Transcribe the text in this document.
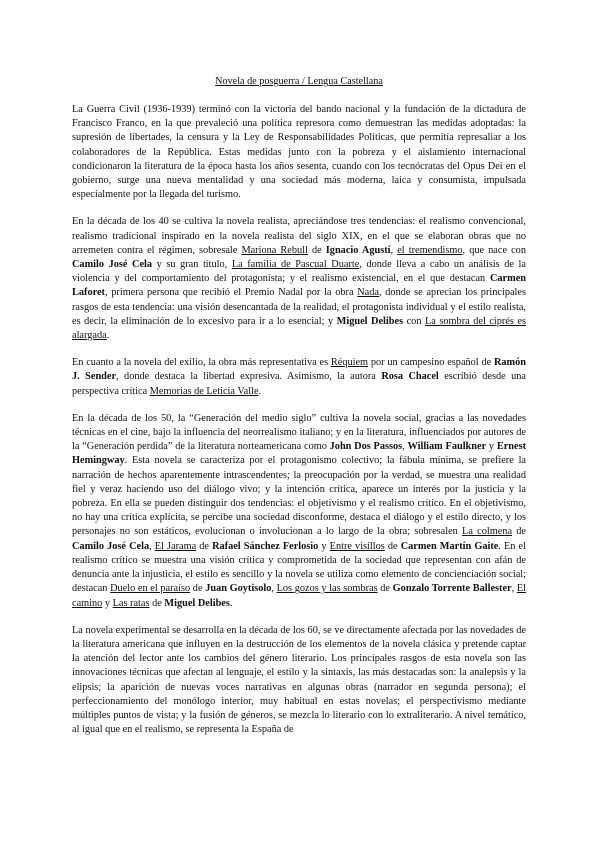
Novela de posguerra / Lengua Castellana

La Guerra Civil (1936-1939) terminó con la victoria del bando nacional y la fundación de la dictadura de Francisco Franco, en la que prevaleció una política represora como demuestran las medidas adoptadas: la supresión de libertades, la censura y la Ley de Responsabilidades Políticas, que permitía represaliar a los colaboradores de la República. Estas medidas junto con la pobreza y el aislamiento internacional condicionaron la literatura de la época hasta los años sesenta, cuando con los tecnócratas del Opus Dei en el gobierno, surge una nueva mentalidad y una sociedad más moderna, laica y consumista, impulsada especialmente por la llegada del turismo.

En la década de los 40 se cultiva la novela realista, apreciándose tres tendencias: el realismo convencional, realismo tradicional inspirado en la novela realista del siglo XIX, en el que se elaboran obras que no arremeten contra el régimen, sobresale Mariona Rebull de Ignacio Agustí, el tremendismo, que nace con Camilo José Cela y su gran título, La familia de Pascual Duarte, donde lleva a cabo un análisis de la violencia y del comportamiento del protagonista; y el realismo existencial, en el que destacan Carmen Laforet, primera persona que recibió el Premio Nadal por la obra Nada, donde se aprecian los principales rasgos de esta tendencia: una visión desencantada de la realidad, el protagonista individual y el estilo realista, es decir, la eliminación de lo excesivo para ir a lo esencial; y Miguel Delibes con La sombra del ciprés es alargada.

En cuanto a la novela del exilio, la obra más representativa es Réquiem por un campesino español de Ramón J. Sender, donde destaca la libertad expresiva. Asimismo, la autora Rosa Chacel escribió desde una perspectiva crítica Memorias de Leticia Valle.

En la década de los 50, la “Generación del medio siglo” cultiva la novela social, gracias a las novedades técnicas en el cine, bajo la influencia del neorrealismo italiano; y en la literatura, influenciados por autores de la “Generación perdida” de la literatura norteamericana como John Dos Passos, William Faulkner y Ernest Hemingway. Esta novela se caracteriza por el protagonismo colectivo; la fábula mínima, se prefiere la narración de hechos aparentemente intrascendentes; la preocupación por la verdad, se muestra una realidad fiel y veraz haciendo uso del diálogo vivo; y la intención crítica, aparece un interés por la justicia y la pobreza. En ella se pueden distinguir dos tendencias: el objetivismo y el realismo crítico. En el objetivismo, no hay una crítica explícita, se percibe una sociedad disconforme, destaca el diálogo y el estilo directo, y los personajes no son estáticos, evolucionan o involucionan a lo largo de la obra; sobresalen La colmena de Camilo José Cela, El Jarama de Rafael Sánchez Ferlosio y Entre visillos de Carmen Martín Gaite. En el realismo crítico se muestra una visión crítica y comprometida de la sociedad que representan con afán de denuncia ante la injusticia, el estilo es sencillo y la novela se utiliza como elemento de concienciación social; destacan Duelo en el paraíso de Juan Goytisolo, Los gozos y las sombras de Gonzalo Torrente Ballester, El camino y Las ratas de Miguel Delibes.

La novela experimental se desarrolla en la década de los 60, se ve directamente afectada por las novedades de la literatura americana que influyen en la destrucción de los elementos de la novela clásica y pretende captar la atención del lector ante los cambios del género literario. Los principales rasgos de esta novela son las innovaciones técnicas que afectan al lenguaje, el estilo y la sintaxis, las más destacadas son: la analepsis y la elipsis; la aparición de nuevas voces narrativas en algunas obras (narrador en segunda persona); el perfeccionamiento del monólogo interior, muy habitual en estas novelas; el perspectivismo mediante múltiples puntos de vista; y la fusión de géneros, se mezcla lo literario con lo extraliterario. A nivel temático, al igual que en el realismo, se representa la España de
